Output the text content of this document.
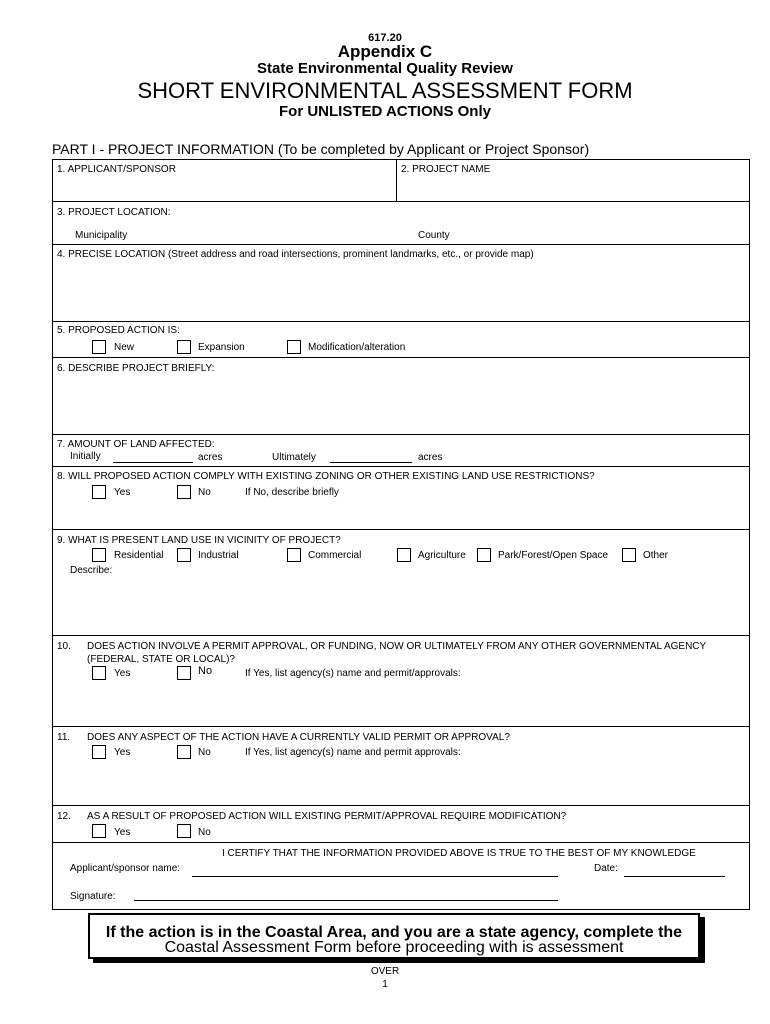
617.20
Appendix C
State Environmental Quality Review
SHORT ENVIRONMENTAL ASSESSMENT FORM
For UNLISTED ACTIONS Only
PART I - PROJECT INFORMATION (To be completed by Applicant or Project Sponsor)
1. APPLICANT/SPONSOR	2. PROJECT NAME
3. PROJECT LOCATION:
Municipality	County
4. PRECISE LOCATION (Street address and road intersections, prominent landmarks, etc., or provide map)
5. PROPOSED ACTION IS:
New	Expansion	Modification/alteration
6. DESCRIBE PROJECT BRIEFLY:
7. AMOUNT OF LAND AFFECTED:
Initially	acres	Ultimately	acres
8. WILL PROPOSED ACTION COMPLY WITH EXISTING ZONING OR OTHER EXISTING LAND USE RESTRICTIONS?
Yes	No	If No, describe briefly
9. WHAT IS PRESENT LAND USE IN VICINITY OF PROJECT?
Residential	Industrial	Commercial	Agriculture	Park/Forest/Open Space	Other
Describe:
10. DOES ACTION INVOLVE A PERMIT APPROVAL, OR FUNDING, NOW OR ULTIMATELY FROM ANY OTHER GOVERNMENTAL AGENCY
(FEDERAL, STATE OR LOCAL)?
Yes	No	If Yes, list agency(s) name and permit/approvals:
11. DOES ANY ASPECT OF THE ACTION HAVE A CURRENTLY VALID PERMIT OR APPROVAL?
Yes	No	If Yes, list agency(s) name and permit approvals:
12. AS A RESULT OF PROPOSED ACTION WILL EXISTING PERMIT/APPROVAL REQUIRE MODIFICATION?
Yes	No
I CERTIFY THAT THE INFORMATION PROVIDED ABOVE IS TRUE TO THE BEST OF MY KNOWLEDGE
Applicant/sponsor name:	Date:
Signature:
If the action is in the Coastal Area, and you are a state agency, complete the
Coastal Assessment Form before proceeding with is assessment
OVER
1
